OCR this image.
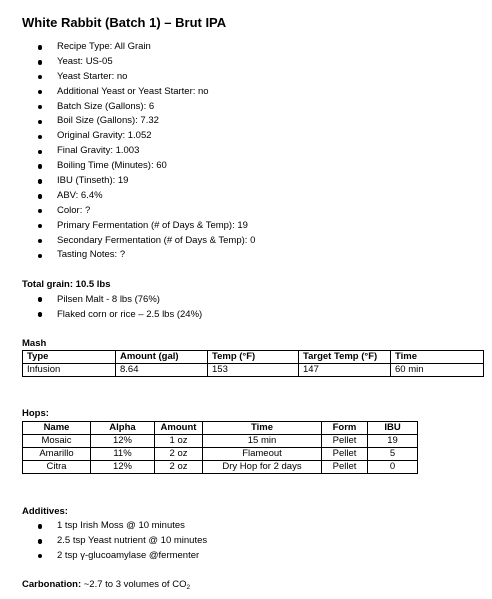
White Rabbit (Batch 1) – Brut IPA
Recipe Type: All Grain
Yeast: US-05
Yeast Starter: no
Additional Yeast or Yeast Starter: no
Batch Size (Gallons): 6
Boil Size (Gallons): 7.32
Original Gravity: 1.052
Final Gravity: 1.003
Boiling Time (Minutes): 60
IBU (Tinseth): 19
ABV: 6.4%
Color: ?
Primary Fermentation (# of Days & Temp): 19
Secondary Fermentation (# of Days & Temp): 0
Tasting Notes: ?
Total grain: 10.5 lbs
Pilsen Malt - 8 lbs (76%)
Flaked corn or rice – 2.5 lbs (24%)
Mash
Type	Amount (gal)	Temp (°F)	Target Temp (°F)	Time
Infusion	8.64	153	147	60 min
Hops:
Name	Alpha	Amount	Time	Form	IBU
Mosaic	12%	1 oz	15 min	Pellet	19
Amarillo	11%	2 oz	Flameout	Pellet	5
Citra	12%	2 oz	Dry Hop for 2 days	Pellet	0
Additives:
1 tsp Irish Moss @ 10 minutes
2.5 tsp Yeast nutrient @ 10 minutes
2 tsp γ-glucoamylase @fermenter
Carbonation: ~2.7 to 3 volumes of $CO_2$
